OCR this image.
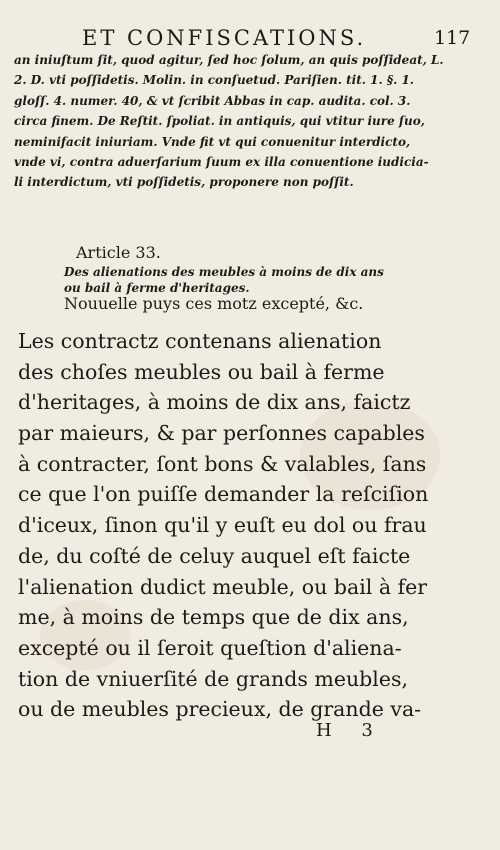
ET CONFISCATIONS.	117
an iniuſtum ſit, quod agitur, ſed hoc ſolum, an quis poſſideat, L.
2. D. vti poſſidetis. Molin. in conſuetud. Pariſien. tit. 1. §. 1.
gloſſ. 4. numer. 40, & vt ſcribit Abbas in cap. audita. col. 3.
circa finem. De Reſtit. ſpoliat. in antiquis, qui vtitur iure ſuo,
neminifacit iniuriam. Vnde fit vt qui conuenitur interdicto,
vnde vi, contra aduerſarium ſuum ex illa conuentione iudicia-
li interdictum, vti poſſidetis, proponere non poſſit.
Article 33.
Des alienations des meubles à moins de dix ans
ou bail à ferme d'heritages.
Nouuelle puys ces motz excepté, &c.
Les contractz contenans alienation
des choſes meubles ou bail à ferme
d'heritages, à moins de dix ans, faictz
par maieurs, & par perſonnes capables
à contracter, ſont bons & valables, ſans
ce que l'on puiſſe demander la reſciſion
d'iceux, ſinon qu'il y euſt eu dol ou frau
de, du coſté de celuy auquel eſt faicte
l'alienation dudict meuble, ou bail à fer
me, à moins de temps que de dix ans,
excepté ou il ſeroit queſtion d'aliena-
tion de vniuerſité de grands meubles,
ou de meubles precieux, de grande va-
H 3
